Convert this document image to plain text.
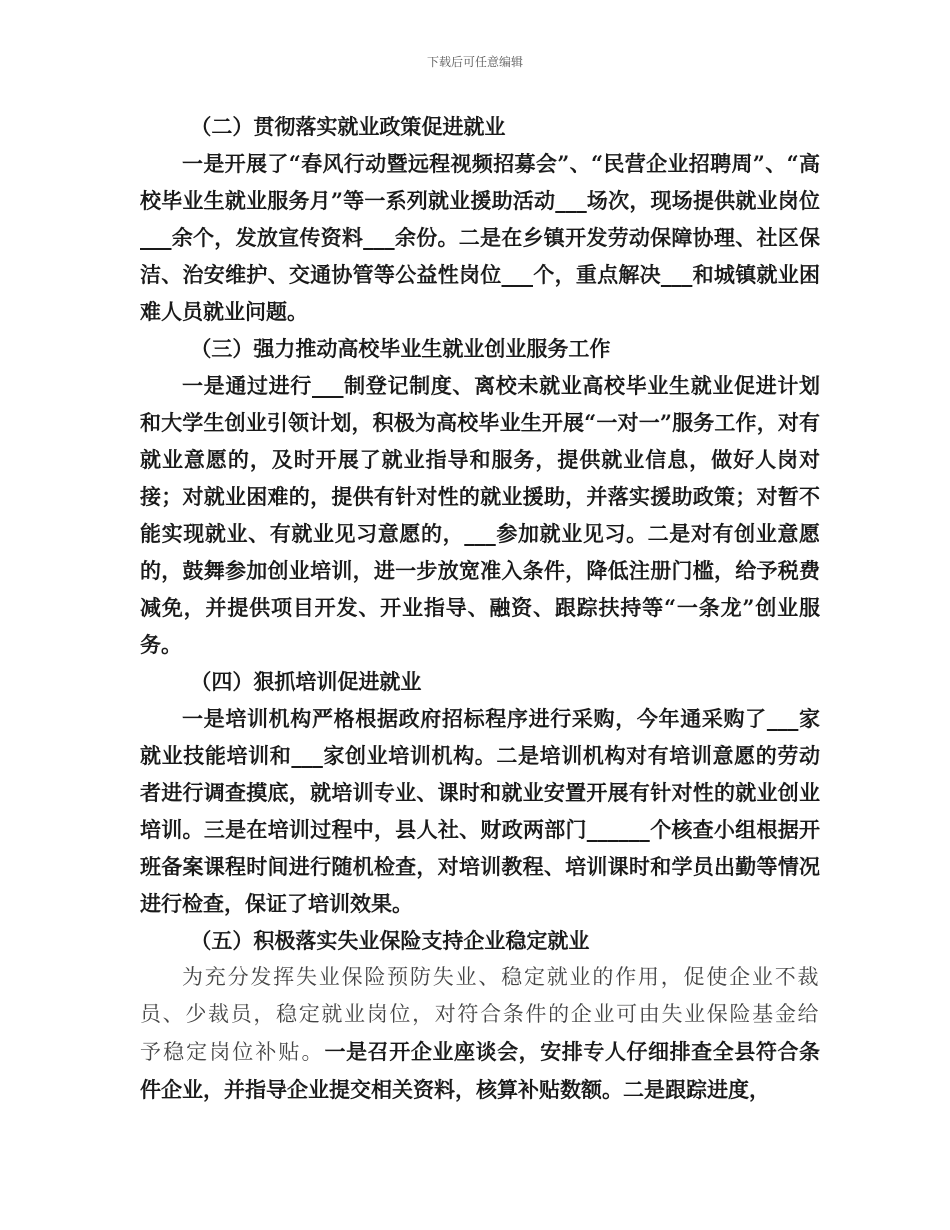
下载后可任意编辑

（二）贯彻落实就业政策促进就业

一是开展了“春风行动暨远程视频招募会”、“民营企业招聘周”、“高校毕业生就业服务月”等一系列就业援助活动___场次，现场提供就业岗位___余个，发放宣传资料___余份。二是在乡镇开发劳动保障协理、社区保洁、治安维护、交通协管等公益性岗位___个，重点解决___和城镇就业困难人员就业问题。

（三）强力推动高校毕业生就业创业服务工作

一是通过进行___制登记制度、离校未就业高校毕业生就业促进计划和大学生创业引领计划，积极为高校毕业生开展“一对一”服务工作，对有就业意愿的，及时开展了就业指导和服务，提供就业信息，做好人岗对接；对就业困难的，提供有针对性的就业援助，并落实援助政策；对暂不能实现就业、有就业见习意愿的，___参加就业见习。二是对有创业意愿的，鼓舞参加创业培训，进一步放宽准入条件，降低注册门槛，给予税费减免，并提供项目开发、开业指导、融资、跟踪扶持等“一条龙”创业服务。

（四）狠抓培训促进就业

一是培训机构严格根据政府招标程序进行采购，今年通采购了___家就业技能培训和___家创业培训机构。二是培训机构对有培训意愿的劳动者进行调查摸底，就培训专业、课时和就业安置开展有针对性的就业创业培训。三是在培训过程中，县人社、财政两部门______个核查小组根据开班备案课程时间进行随机检查，对培训教程、培训课时和学员出勤等情况进行检查，保证了培训效果。

（五）积极落实失业保险支持企业稳定就业

为充分发挥失业保险预防失业、稳定就业的作用，促使企业不裁员、少裁员，稳定就业岗位，对符合条件的企业可由失业保险基金给予稳定岗位补贴。一是召开企业座谈会，安排专人仔细排查全县符合条件企业，并指导企业提交相关资料，核算补贴数额。二是跟踪进度，
